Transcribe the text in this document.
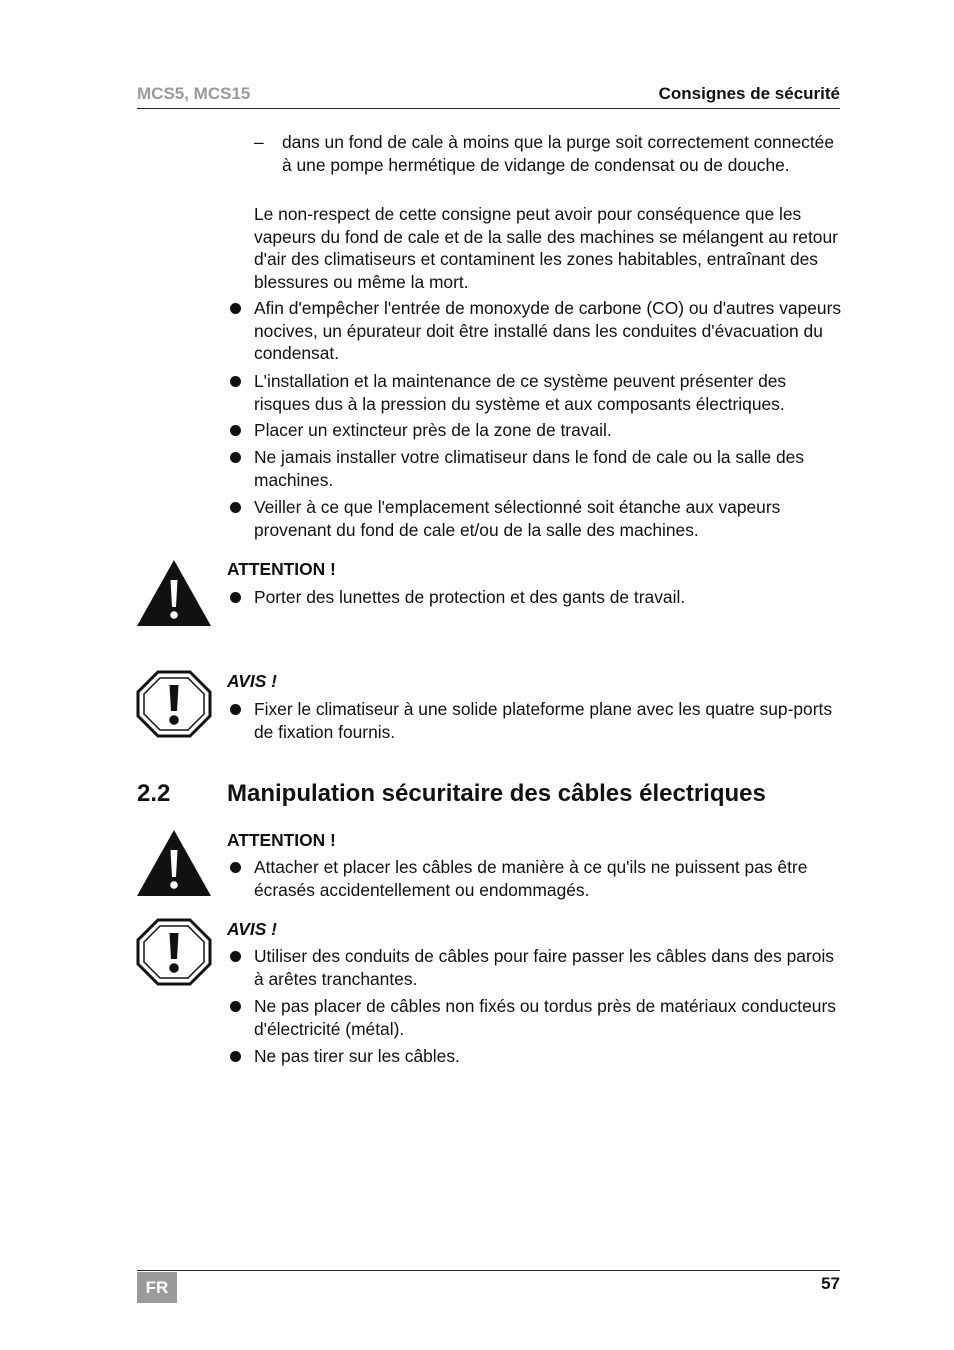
MCS5, MCS15	Consignes de sécurité
– dans un fond de cale à moins que la purge soit correctement connectée à une pompe hermétique de vidange de condensat ou de douche.
Le non-respect de cette consigne peut avoir pour conséquence que les vapeurs du fond de cale et de la salle des machines se mélangent au retour d'air des climatiseurs et contaminent les zones habitables, entraînant des blessures ou même la mort.
Afin d'empêcher l'entrée de monoxyde de carbone (CO) ou d'autres vapeurs nocives, un épurateur doit être installé dans les conduites d'évacuation du condensat.
L'installation et la maintenance de ce système peuvent présenter des risques dus à la pression du système et aux composants électriques.
Placer un extincteur près de la zone de travail.
Ne jamais installer votre climatiseur dans le fond de cale ou la salle des machines.
Veiller à ce que l'emplacement sélectionné soit étanche aux vapeurs provenant du fond de cale et/ou de la salle des machines.
ATTENTION !
Porter des lunettes de protection et des gants de travail.
AVIS !
Fixer le climatiseur à une solide plateforme plane avec les quatre sup-ports de fixation fournis.
2.2 Manipulation sécuritaire des câbles électriques
ATTENTION !
Attacher et placer les câbles de manière à ce qu'ils ne puissent pas être écrasés accidentellement ou endommagés.
AVIS !
Utiliser des conduits de câbles pour faire passer les câbles dans des parois à arêtes tranchantes.
Ne pas placer de câbles non fixés ou tordus près de matériaux conducteurs d'électricité (métal).
Ne pas tirer sur les câbles.
FR	57
